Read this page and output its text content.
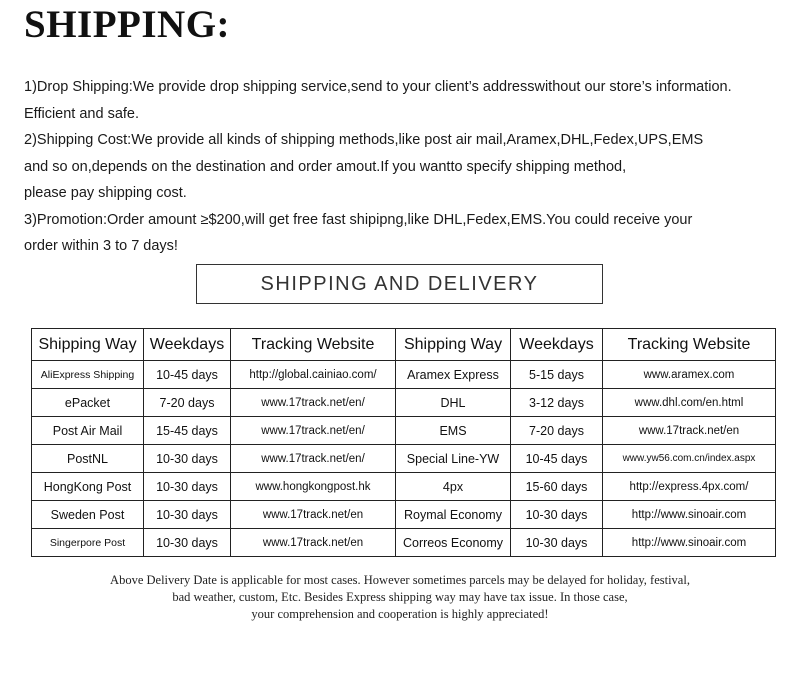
SHIPPING:

1)Drop Shipping:We provide drop shipping service,send to your client’s addresswithout our store’s information.

Efficient and safe.

2)Shipping Cost:We provide all kinds of shipping methods,like post air mail,Aramex,DHL,Fedex,UPS,EMS

and so on,depends on the destination and order amout.If you wantto specify shipping method,

please pay shipping cost.

3)Promotion:Order amount ≥$200,will get free fast shipipng,like DHL,Fedex,EMS.You could receive your

order within 3 to 7 days!

SHIPPING AND DELIVERY
Shipping Way	Weekdays	Tracking Website	Shipping Way	Weekdays	Tracking Website
AliExpress Shipping	10-45 days	http://global.cainiao.com/	Aramex Express	5-15 days	www.aramex.com
ePacket	7-20 days	www.17track.net/en/	DHL	3-12 days	www.dhl.com/en.html
Post Air Mail	15-45 days	www.17track.net/en/	EMS	7-20 days	www.17track.net/en
PostNL	10-30 days	www.17track.net/en/	Special Line-YW	10-45 days	www.yw56.com.cn/index.aspx
HongKong Post	10-30 days	www.hongkongpost.hk	4px	15-60 days	http://express.4px.com/
Sweden Post	10-30 days	www.17track.net/en	Roymal Economy	10-30 days	http://www.sinoair.com
Singerpore Post	10-30 days	www.17track.net/en	Correos Economy	10-30 days	http://www.sinoair.com

Above Delivery Date is applicable for most cases. However sometimes parcels may be delayed for holiday, festival,

bad weather, custom, Etc. Besides Express shipping way may have tax issue. In those case,

your comprehension and cooperation is highly appreciated!
